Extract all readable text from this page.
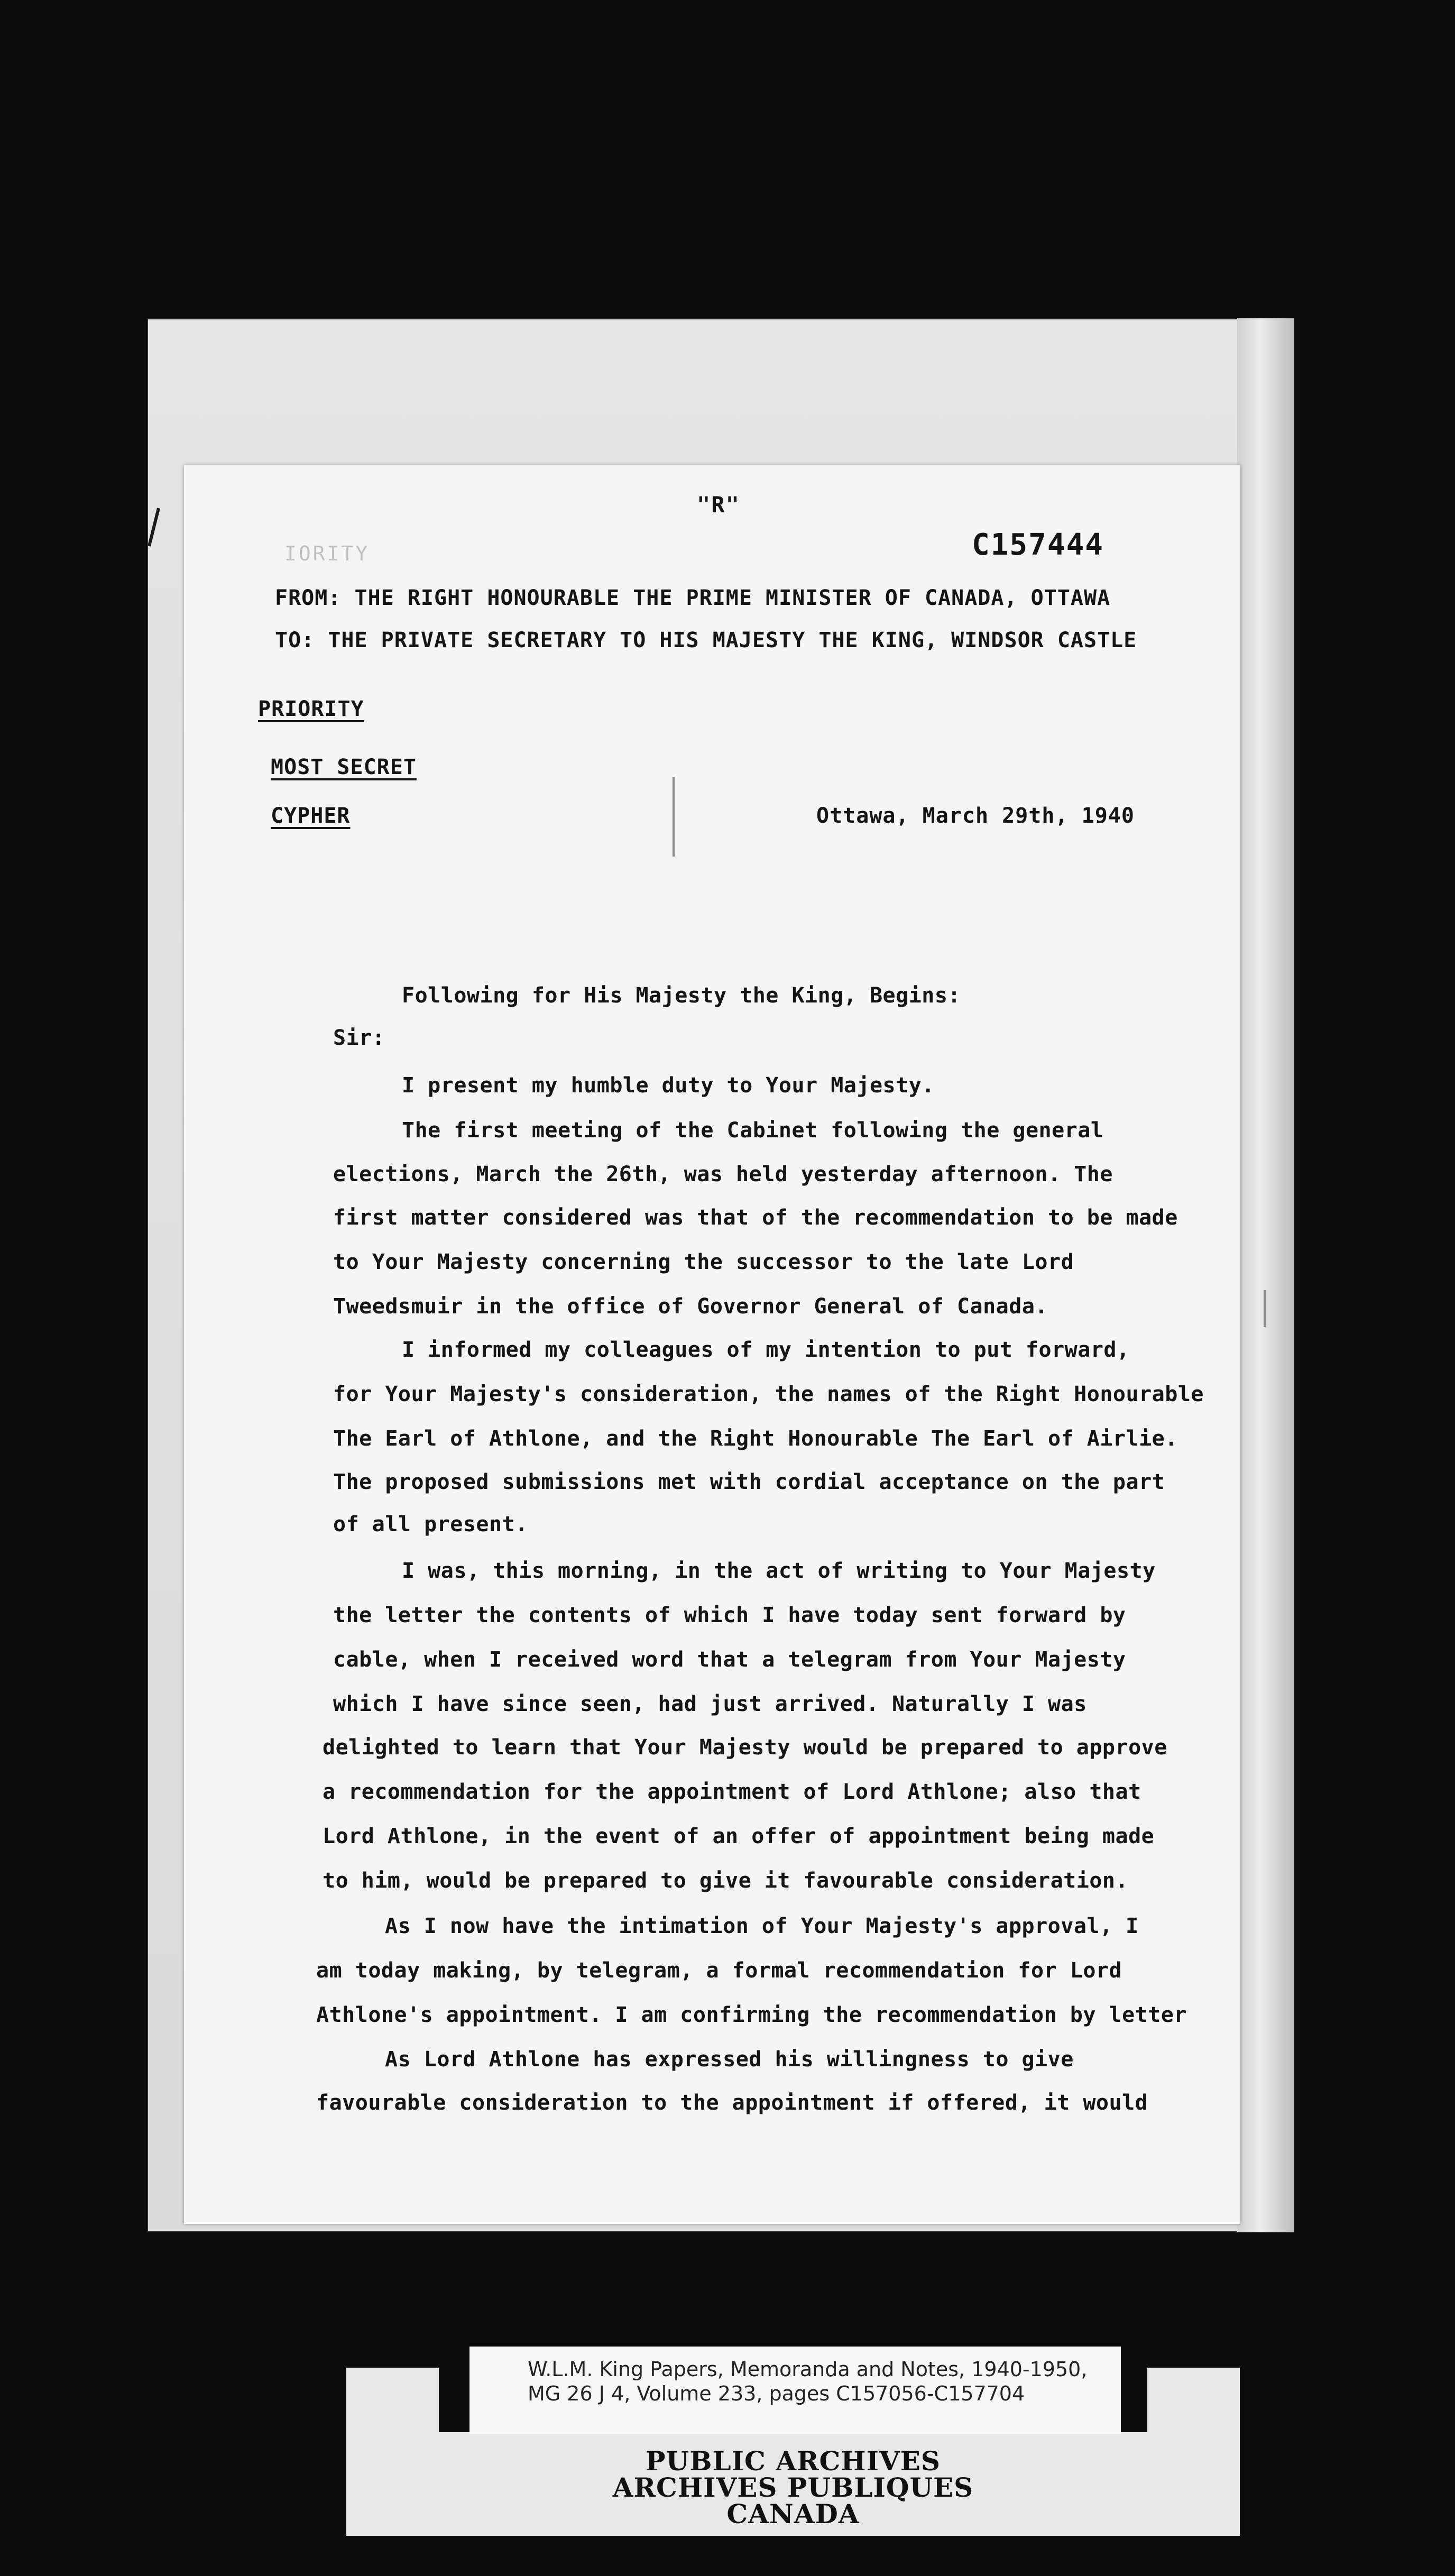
IORITY
"R"
C157444
FROM: THE RIGHT HONOURABLE THE PRIME MINISTER OF CANADA, OTTAWA
TO: THE PRIVATE SECRETARY TO HIS MAJESTY THE KING, WINDSOR CASTLE
PRIORITY
MOST SECRET
CYPHER	Ottawa, March 29th, 1940
Following for His Majesty the King, Begins:
Sir:
I present my humble duty to Your Majesty.
The first meeting of the Cabinet following the general
elections, March the 26th, was held yesterday afternoon. The
first matter considered was that of the recommendation to be made
to Your Majesty concerning the successor to the late Lord
Tweedsmuir in the office of Governor General of Canada.
I informed my colleagues of my intention to put forward,
for Your Majesty's consideration, the names of the Right Honourable
The Earl of Athlone, and the Right Honourable The Earl of Airlie.
The proposed submissions met with cordial acceptance on the part
of all present.
I was, this morning, in the act of writing to Your Majesty
the letter the contents of which I have today sent forward by
cable, when I received word that a telegram from Your Majesty
which I have since seen, had just arrived. Naturally I was
delighted to learn that Your Majesty would be prepared to approve
a recommendation for the appointment of Lord Athlone; also that
Lord Athlone, in the event of an offer of appointment being made
to him, would be prepared to give it favourable consideration.
As I now have the intimation of Your Majesty's approval, I
am today making, by telegram, a formal recommendation for Lord
Athlone's appointment. I am confirming the recommendation by letter
As Lord Athlone has expressed his willingness to give
favourable consideration to the appointment if offered, it would
W.L.M. King Papers, Memoranda and Notes, 1940-1950,
MG 26 J 4, Volume 233, pages C157056-C157704
PUBLIC ARCHIVES
ARCHIVES PUBLIQUES
CANADA
